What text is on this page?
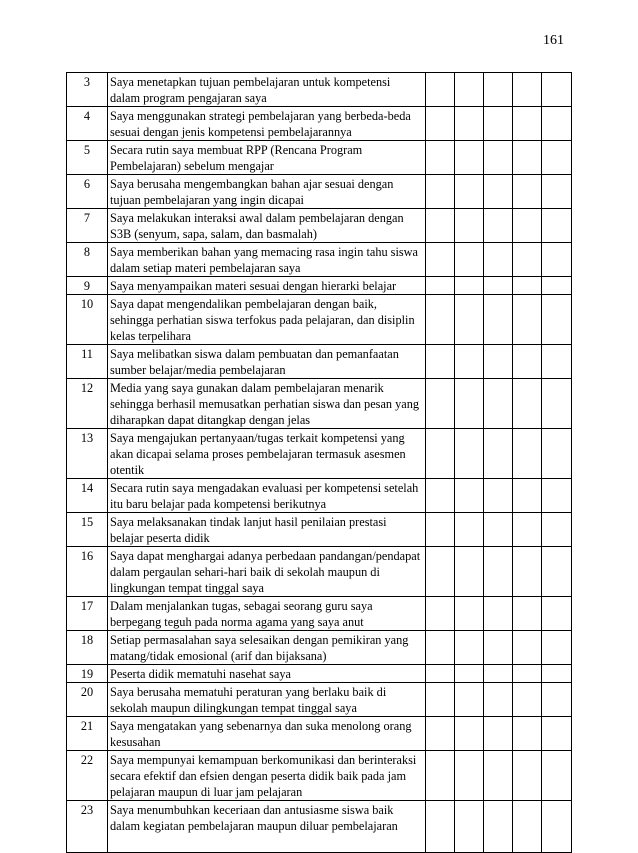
161
3	Saya menetapkan tujuan pembelajaran untuk kompetensi dalam program pengajaran saya					
4	Saya menggunakan strategi pembelajaran yang berbeda-beda sesuai dengan jenis kompetensi pembelajarannya					
5	Secara rutin saya membuat RPP (Rencana Program Pembelajaran) sebelum mengajar					
6	Saya berusaha mengembangkan bahan ajar sesuai dengan tujuan pembelajaran yang ingin dicapai					
7	Saya melakukan interaksi awal dalam pembelajaran dengan S3B (senyum, sapa, salam, dan basmalah)					
8	Saya memberikan bahan yang memacing rasa ingin tahu siswa dalam setiap materi pembelajaran saya					
9	Saya menyampaikan materi sesuai dengan hierarki belajar					
10	Saya dapat mengendalikan pembelajaran dengan baik, sehingga perhatian siswa terfokus pada pelajaran, dan disiplin kelas terpelihara					
11	Saya melibatkan siswa dalam pembuatan dan pemanfaatan sumber belajar/media pembelajaran					
12	Media yang saya gunakan dalam pembelajaran menarik sehingga berhasil memusatkan perhatian siswa dan pesan yang diharapkan dapat ditangkap dengan jelas					
13	Saya mengajukan pertanyaan/tugas terkait kompetensi yang akan dicapai selama proses pembelajaran termasuk asesmen otentik					
14	Secara rutin saya mengadakan evaluasi per kompetensi setelah itu baru belajar pada kompetensi berikutnya					
15	Saya melaksanakan tindak lanjut hasil penilaian prestasi belajar peserta didik					
16	Saya dapat menghargai adanya perbedaan pandangan/pendapat dalam pergaulan sehari-hari baik di sekolah maupun di lingkungan tempat tinggal saya					
17	Dalam menjalankan tugas, sebagai seorang guru saya berpegang teguh pada norma agama yang saya anut					
18	Setiap permasalahan saya selesaikan dengan pemikiran yang matang/tidak emosional (arif dan bijaksana)					
19	Peserta didik mematuhi nasehat saya					
20	Saya berusaha mematuhi peraturan yang berlaku baik di sekolah maupun dilingkungan tempat tinggal saya					
21	Saya mengatakan yang sebenarnya dan suka menolong orang kesusahan					
22	Saya mempunyai kemampuan berkomunikasi dan berinteraksi secara efektif dan efsien dengan peserta didik baik pada jam pelajaran maupun di luar jam pelajaran					
23	Saya menumbuhkan keceriaan dan antusiasme siswa baik dalam kegiatan pembelajaran maupun diluar pembelajaran					
